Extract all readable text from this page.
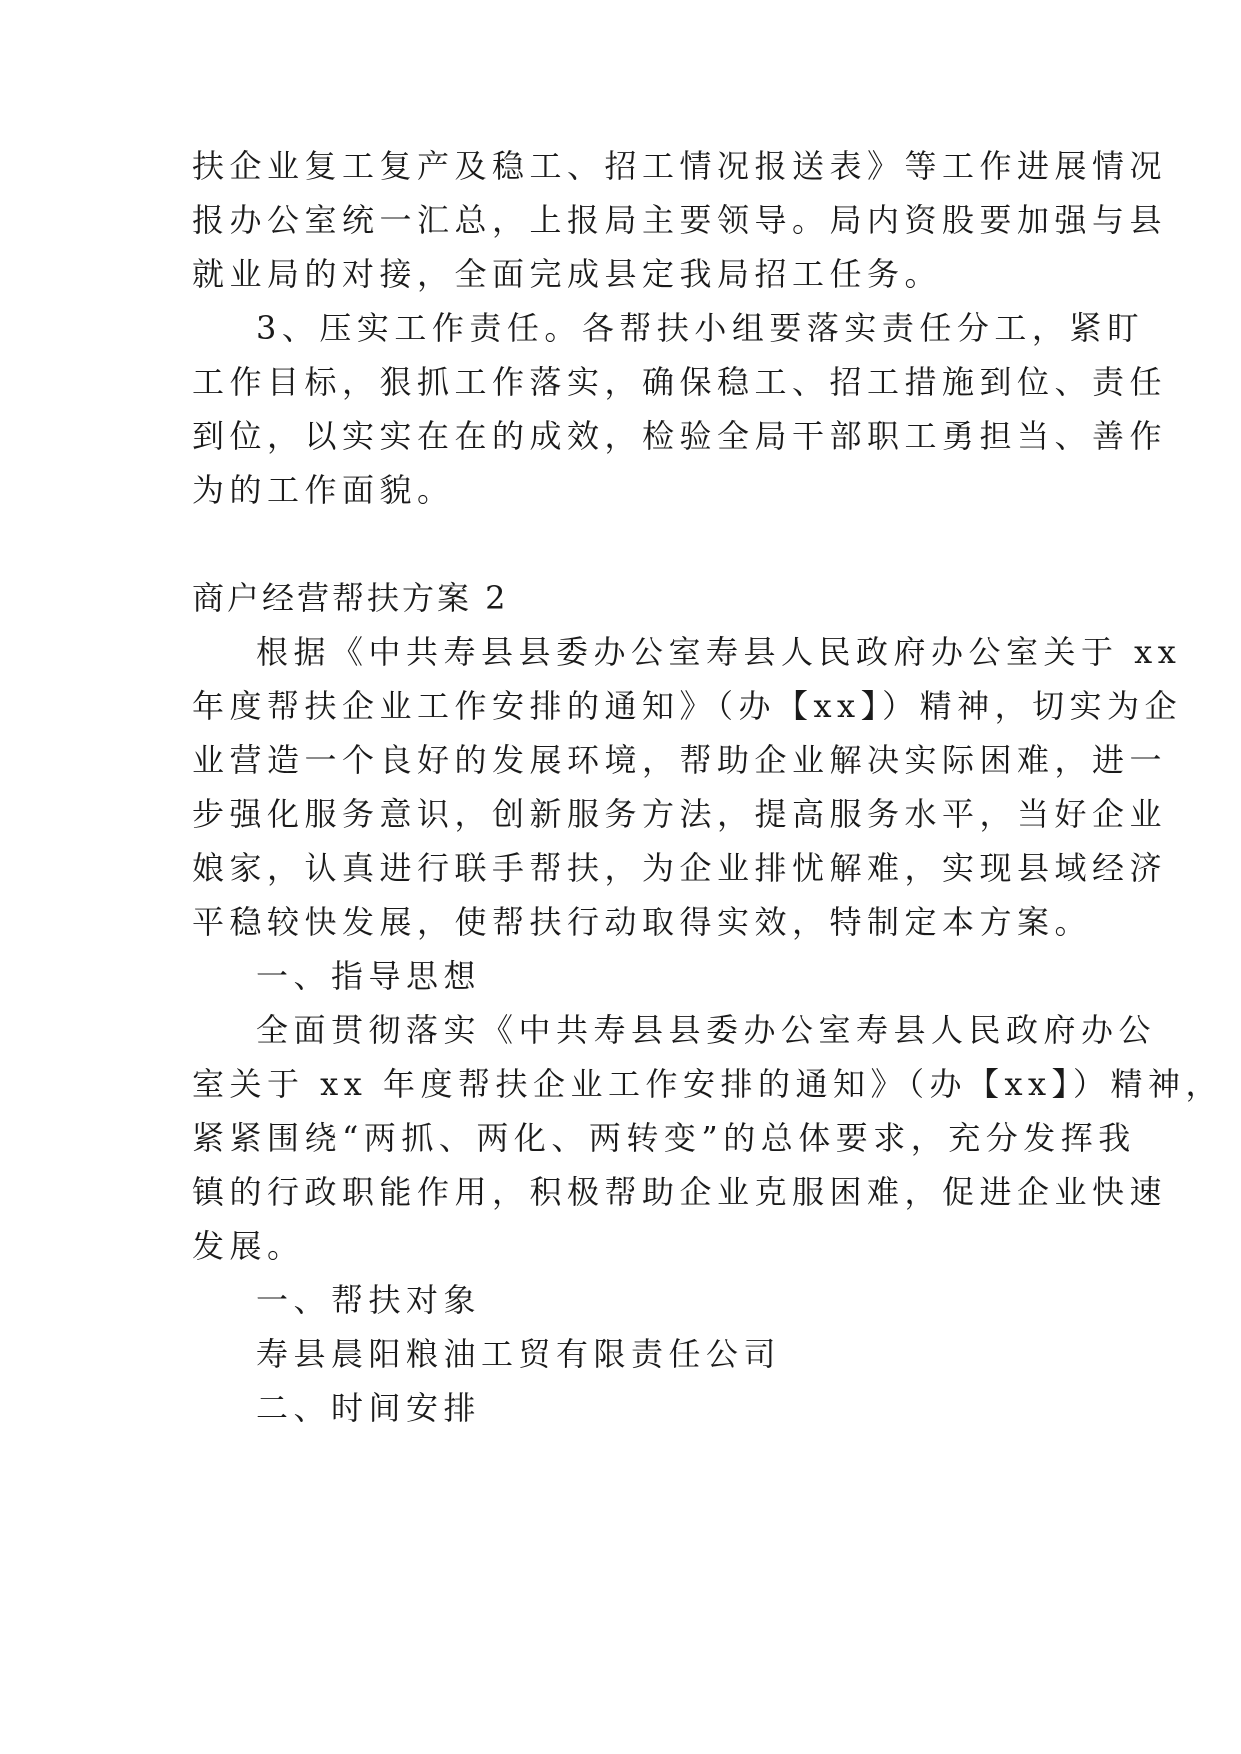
扶企业复工复产及稳工、招工情况报送表》等工作进展情况
报办公室统一汇总，上报局主要领导。局内资股要加强与县
就业局的对接，全面完成县定我局招工任务。
3、压实工作责任。各帮扶小组要落实责任分工，紧盯
工作目标，狠抓工作落实，确保稳工、招工措施到位、责任
到位，以实实在在的成效，检验全局干部职工勇担当、善作
为的工作面貌。
商户经营帮扶方案 2
根据《中共寿县县委办公室寿县人民政府办公室关于 xx
年度帮扶企业工作安排的通知》（办【xx】）精神，切实为企
业营造一个良好的发展环境，帮助企业解决实际困难，进一
步强化服务意识，创新服务方法，提高服务水平，当好企业
娘家，认真进行联手帮扶，为企业排忧解难，实现县域经济
平稳较快发展，使帮扶行动取得实效，特制定本方案。
一、指导思想
全面贯彻落实《中共寿县县委办公室寿县人民政府办公
室关于 xx 年度帮扶企业工作安排的通知》（办【xx】）精神，
紧紧围绕“两抓、两化、两转变”的总体要求，充分发挥我
镇的行政职能作用，积极帮助企业克服困难，促进企业快速
发展。
一、帮扶对象
寿县晨阳粮油工贸有限责任公司
二、时间安排
